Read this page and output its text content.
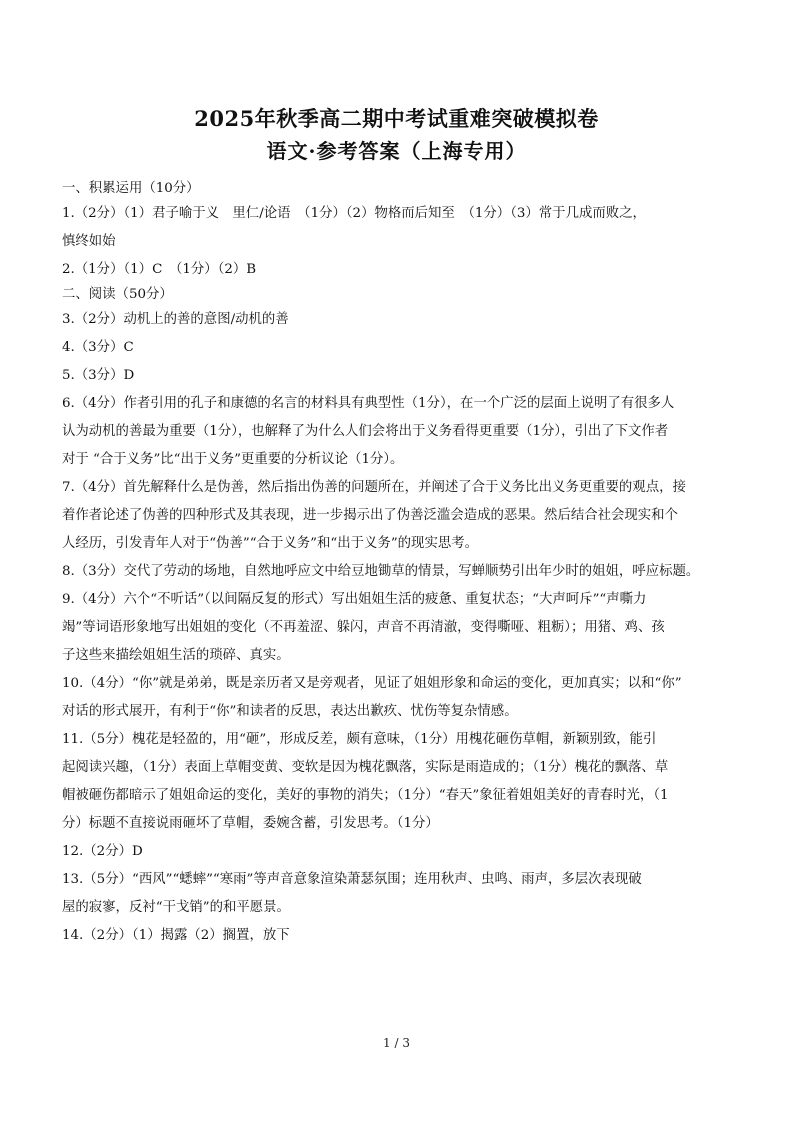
2025年秋季高二期中考试重难突破模拟卷
语文·参考答案（上海专用）
一、积累运用（10分）
1.（2分）（1）君子喻于义　里仁/论语　（1分）（2）物格而后知至　（1分）（3）常于几成而败之，
慎终如始
2.（1分）（1）C　（1分）（2）B
二、阅读（50分）
3.（2分）动机上的善的意图/动机的善
4.（3分）C
5.（3分）D
6.（4分）作者引用的孔子和康德的名言的材料具有典型性（1分），在一个广泛的层面上说明了有很多人
认为动机的善最为重要（1分），也解释了为什么人们会将出于义务看得更重要（1分），引出了下文作者
对于 “合于义务”比“出于义务”更重要的分析议论（1分）。
7.（4分）首先解释什么是伪善，然后指出伪善的问题所在，并阐述了合于义务比出义务更重要的观点，接
着作者论述了伪善的四种形式及其表现，进一步揭示出了伪善泛滥会造成的恶果。然后结合社会现实和个
人经历，引发青年人对于“伪善”“合于义务”和“出于义务”的现实思考。
8.（3分）交代了劳动的场地，自然地呼应文中给豆地锄草的情景，写蝉顺势引出年少时的姐姐，呼应标题。
9.（4分）六个“不听话”（以间隔反复的形式）写出姐姐生活的疲惫、重复状态；“大声呵斥”“声嘶力
竭”等词语形象地写出姐姐的变化（不再羞涩、躲闪，声音不再清澈，变得嘶哑、粗粝）；用猪、鸡、孩
子这些来描绘姐姐生活的琐碎、真实。
10.（4分）“你”就是弟弟，既是亲历者又是旁观者，见证了姐姐形象和命运的变化，更加真实；以和“你”
对话的形式展开，有利于“你”和读者的反思，表达出歉疚、忧伤等复杂情感。
11.（5分）槐花是轻盈的，用“砸”，形成反差，颇有意味，（1分）用槐花砸伤草帽，新颖别致，能引
起阅读兴趣，（1分）表面上草帽变黄、变软是因为槐花飘落，实际是雨造成的；（1分）槐花的飘落、草
帽被砸伤都暗示了姐姐命运的变化，美好的事物的消失；（1分）“春天”象征着姐姐美好的青春时光，（1
分）标题不直接说雨砸坏了草帽，委婉含蓄，引发思考。（1分）
12.（2分）D
13.（5分）“西风”“蟋蟀”“寒雨”等声音意象渲染萧瑟氛围；连用秋声、虫鸣、雨声，多层次表现破
屋的寂寥，反衬“干戈销”的和平愿景。
14.（2分）（1）揭露（2）搁置，放下
1 / 3
